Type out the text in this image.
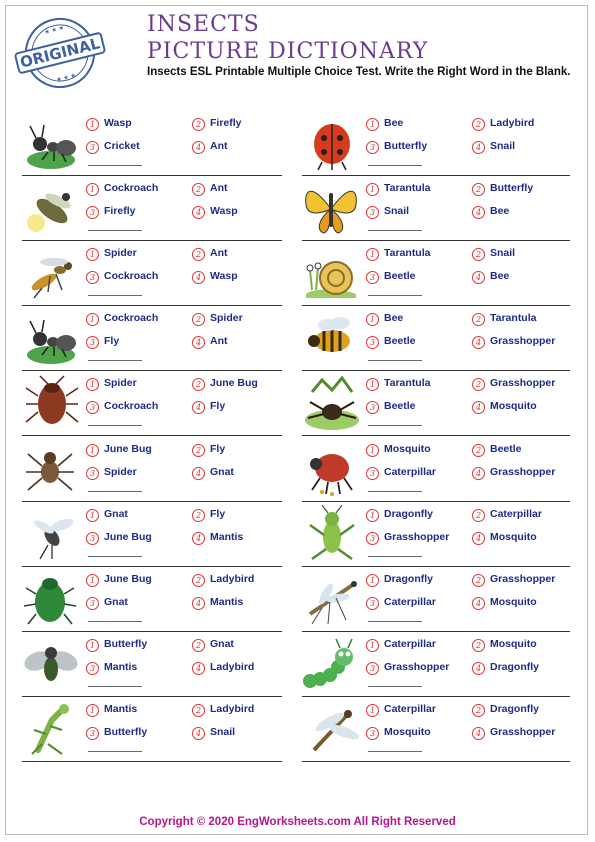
ORIGINAL
★ ★ ★
★ ★ ★
INSECTS
PICTURE DICTIONARY
Insects ESL Printable Multiple Choice Test. Write the Right Word in the Blank.
1 Wasp	2 Firefly
3 Cricket	4 Ant
1 Cockroach	2 Ant
3 Firefly	4 Wasp
1 Spider	2 Ant
3 Cockroach	4 Wasp
1 Cockroach	2 Spider
3 Fly	4 Ant
1 Spider	2 June Bug
3 Cockroach	4 Fly
1 June Bug	2 Fly
3 Spider	4 Gnat
1 Gnat	2 Fly
3 June Bug	4 Mantis
1 June Bug	2 Ladybird
3 Gnat	4 Mantis
1 Butterfly	2 Gnat
3 Mantis	4 Ladybird
1 Mantis	2 Ladybird
3 Butterfly	4 Snail
1 Bee	2 Ladybird
3 Butterfly	4 Snail
1 Tarantula	2 Butterfly
3 Snail	4 Bee
1 Tarantula	2 Snail
3 Beetle	4 Bee
1 Bee	2 Tarantula
3 Beetle	4 Grasshopper
1 Tarantula	2 Grasshopper
3 Beetle	4 Mosquito
1 Mosquito	2 Beetle
3 Caterpillar	4 Grasshopper
1 Dragonfly	2 Caterpillar
3 Grasshopper	4 Mosquito
1 Dragonfly	2 Grasshopper
3 Caterpillar	4 Mosquito
1 Caterpillar	2 Mosquito
3 Grasshopper	4 Dragonfly
1 Caterpillar	2 Dragonfly
3 Mosquito	4 Grasshopper
Copyright © 2020 EngWorksheets.com All Right Reserved
